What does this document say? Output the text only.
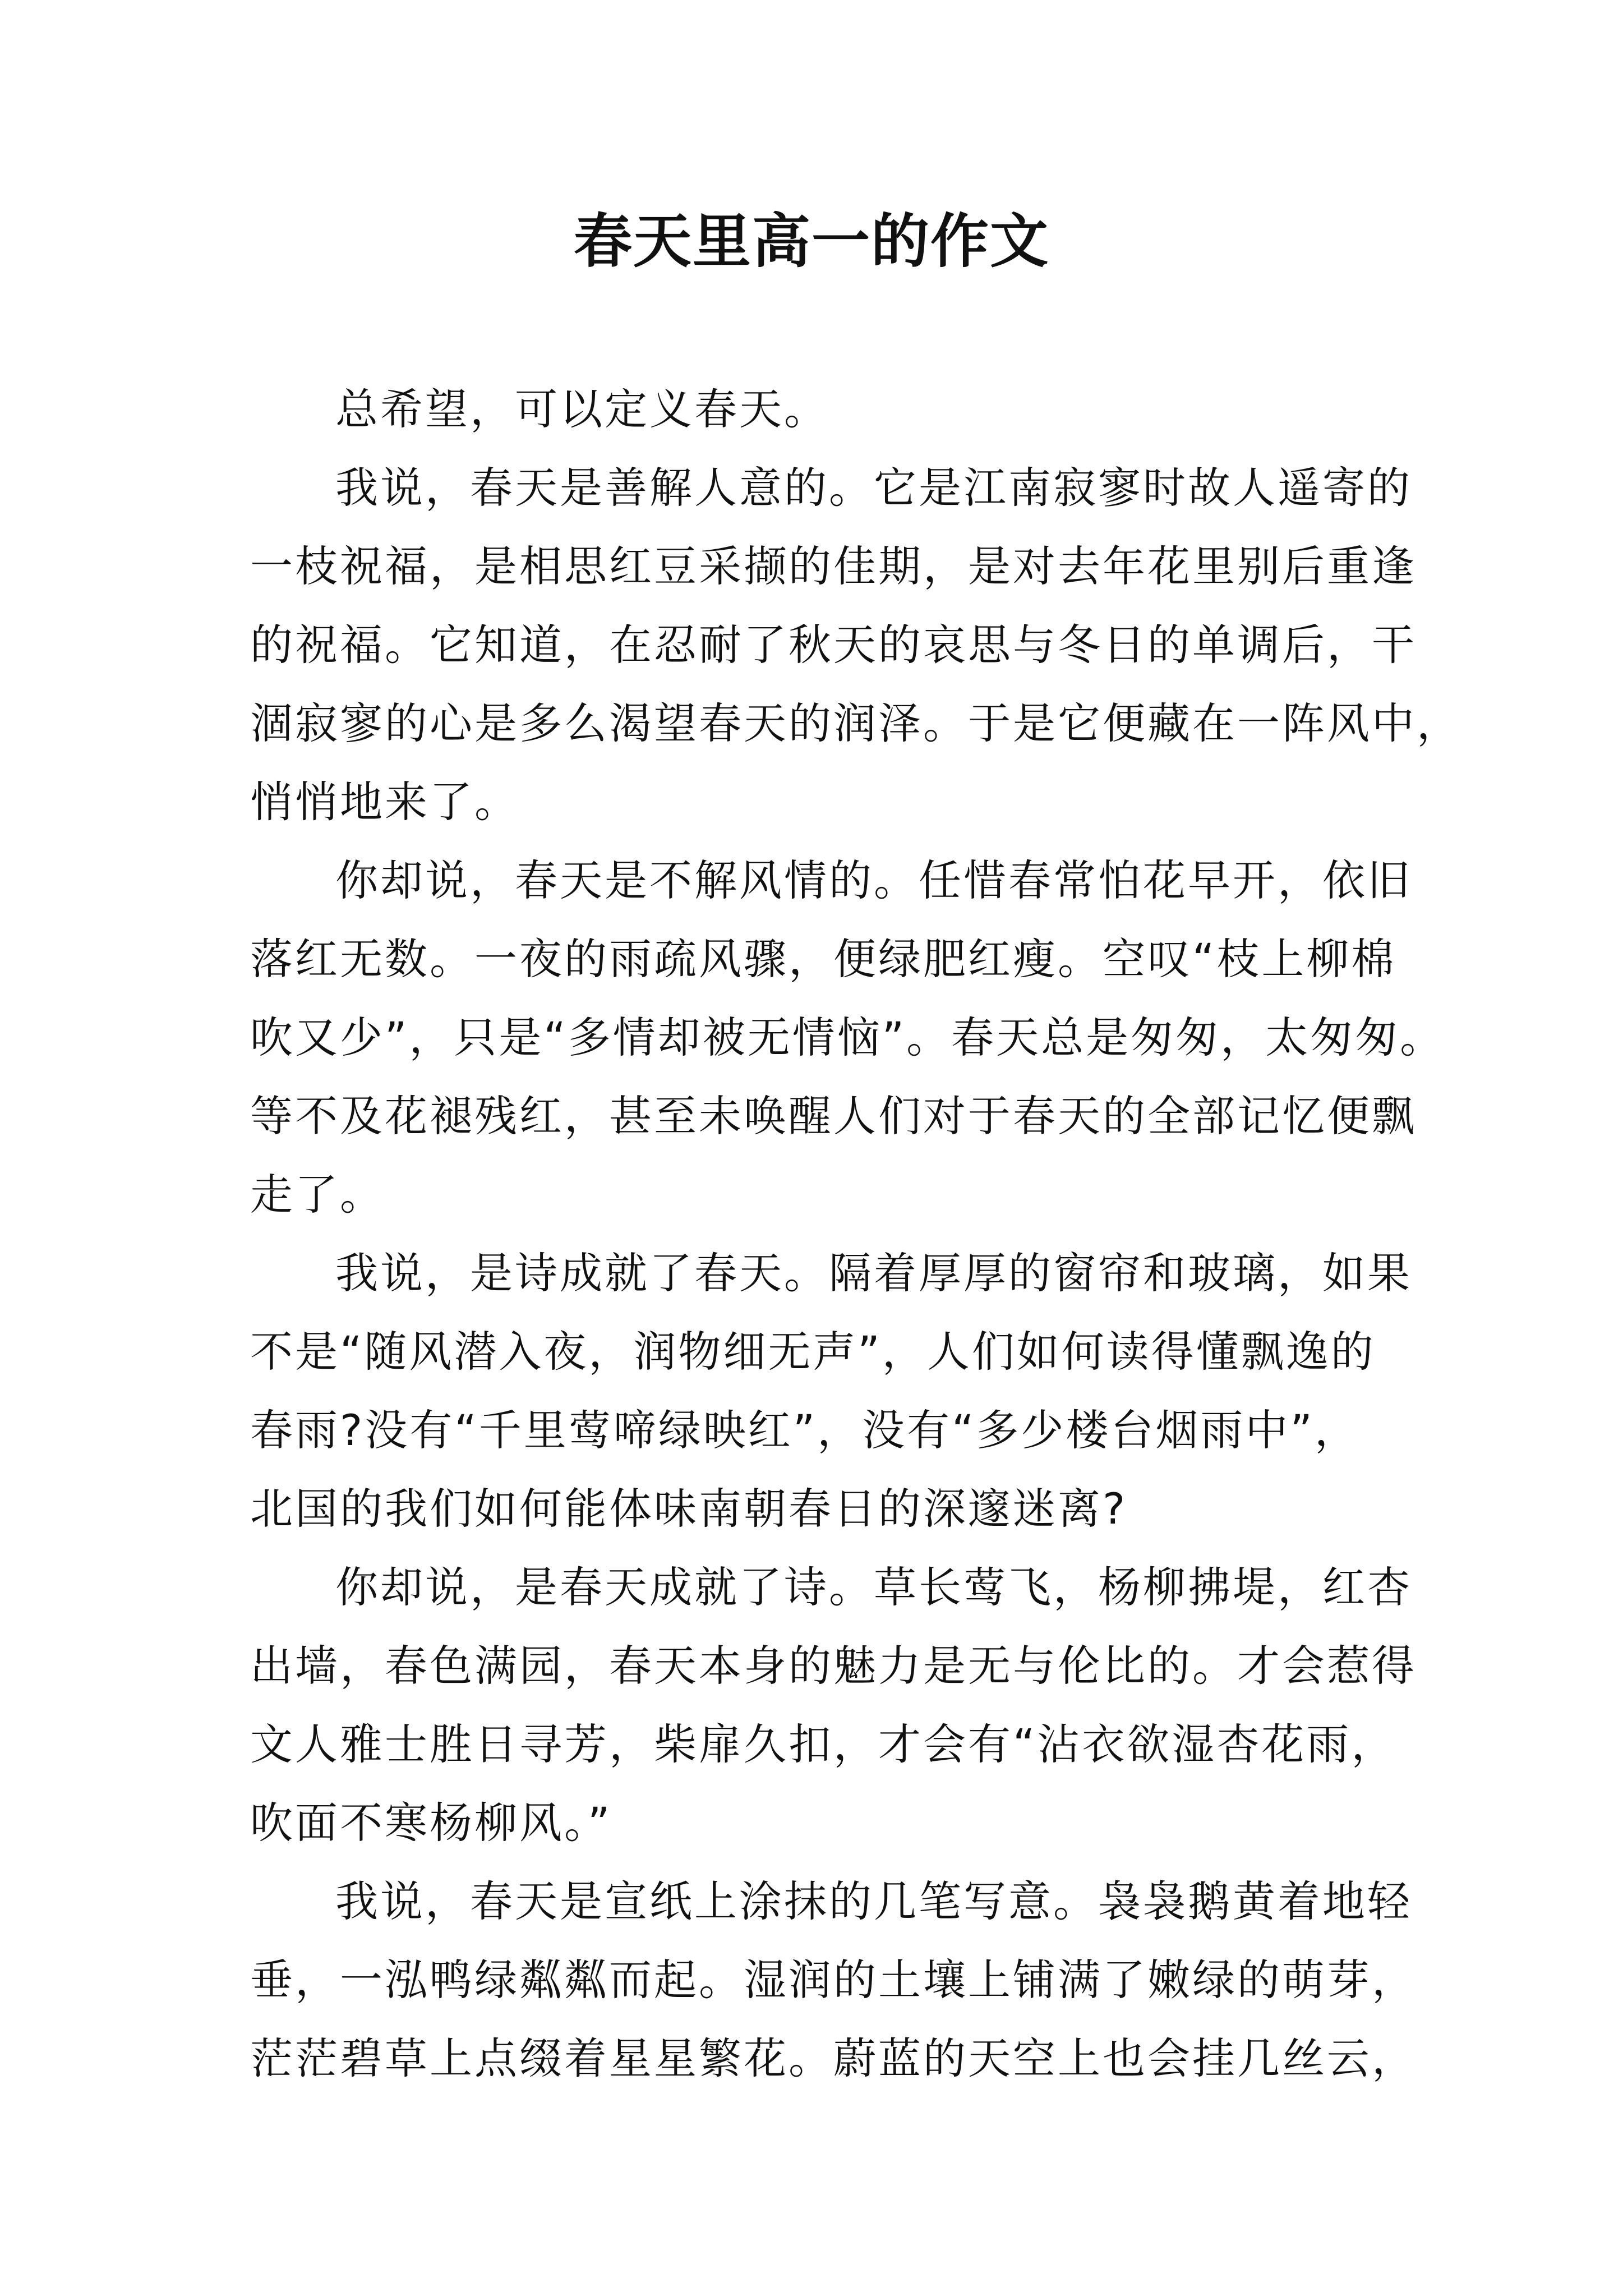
春天里高一的作文
总希望，可以定义春天。
我说，春天是善解人意的。它是江南寂寥时故人遥寄的
一枝祝福，是相思红豆采撷的佳期，是对去年花里别后重逢
的祝福。它知道，在忍耐了秋天的哀思与冬日的单调后，干
涸寂寥的心是多么渴望春天的润泽。于是它便藏在一阵风中，
悄悄地来了。
你却说，春天是不解风情的。任惜春常怕花早开，依旧
落红无数。一夜的雨疏风骤，便绿肥红瘦。空叹“枝上柳棉
吹又少”，只是“多情却被无情恼”。春天总是匆匆，太匆匆。
等不及花褪残红，甚至未唤醒人们对于春天的全部记忆便飘
走了。
我说，是诗成就了春天。隔着厚厚的窗帘和玻璃，如果
不是“随风潜入夜，润物细无声”，人们如何读得懂飘逸的
春雨?没有“千里莺啼绿映红”，没有“多少楼台烟雨中”，
北国的我们如何能体味南朝春日的深邃迷离?
你却说，是春天成就了诗。草长莺飞，杨柳拂堤，红杏
出墙，春色满园，春天本身的魅力是无与伦比的。才会惹得
文人雅士胜日寻芳，柴扉久扣，才会有“沾衣欲湿杏花雨，
吹面不寒杨柳风。”
我说，春天是宣纸上涂抹的几笔写意。袅袅鹅黄着地轻
垂，一泓鸭绿粼粼而起。湿润的土壤上铺满了嫩绿的萌芽，
茫茫碧草上点缀着星星繁花。蔚蓝的天空上也会挂几丝云，
